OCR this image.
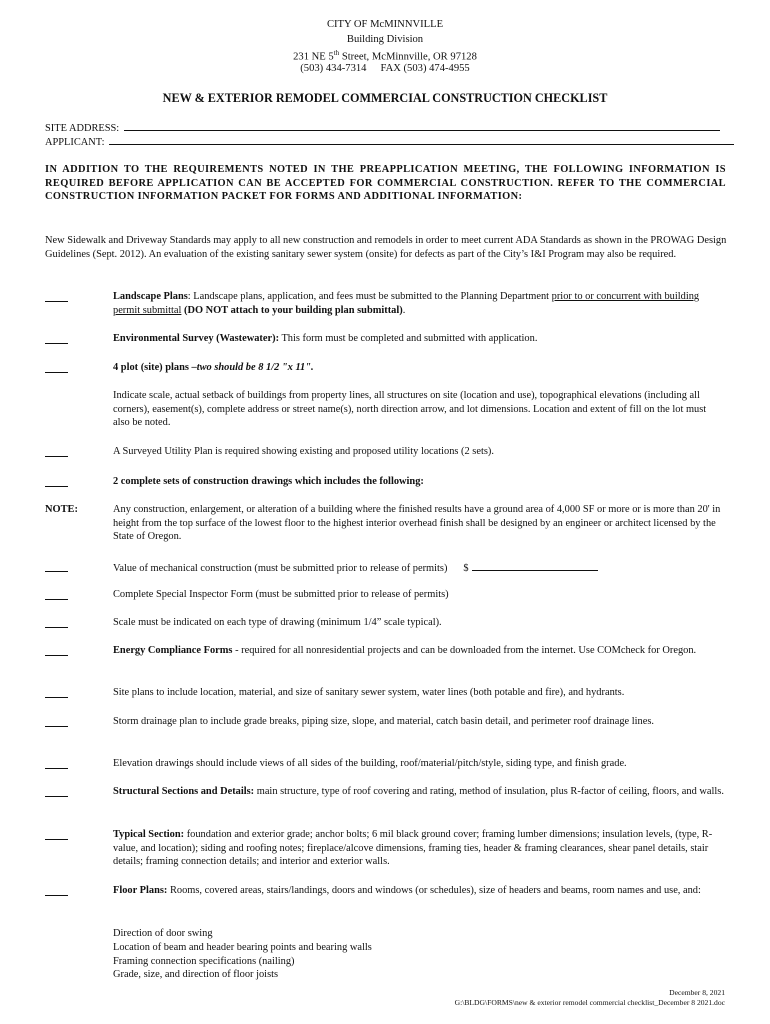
CITY OF McMINNVILLE
Building Division
231 NE 5th Street, McMinnville, OR 97128
(503) 434-7314 FAX (503) 474-4955
NEW & EXTERIOR REMODEL COMMERCIAL CONSTRUCTION CHECKLIST
SITE ADDRESS:
APPLICANT:
IN ADDITION TO THE REQUIREMENTS NOTED IN THE PREAPPLICATION MEETING, THE FOLLOWING INFORMATION IS REQUIRED BEFORE APPLICATION CAN BE ACCEPTED FOR COMMERCIAL CONSTRUCTION. REFER TO THE COMMERCIAL CONSTRUCTION INFORMATION PACKET FOR FORMS AND ADDITIONAL INFORMATION:
New Sidewalk and Driveway Standards may apply to all new construction and remodels in order to meet current ADA Standards as shown in the PROWAG Design Guidelines (Sept. 2012). An evaluation of the existing sanitary sewer system (onsite) for defects as part of the City’s I&I Program may also be required.
Landscape Plans: Landscape plans, application, and fees must be submitted to the Planning Department prior to or concurrent with building permit submittal (DO NOT attach to your building plan submittal).
Environmental Survey (Wastewater): This form must be completed and submitted with application.
4 plot (site) plans –two should be 8 1/2 "x 11".
Indicate scale, actual setback of buildings from property lines, all structures on site (location and use), topographical elevations (including all corners), easement(s), complete address or street name(s), north direction arrow, and lot dimensions. Location and extent of fill on the lot must also be noted.
A Surveyed Utility Plan is required showing existing and proposed utility locations (2 sets).
2 complete sets of construction drawings which includes the following:
NOTE:	Any construction, enlargement, or alteration of a building where the finished results have a ground area of 4,000 SF or more or is more than 20' in height from the top surface of the lowest floor to the highest interior overhead finish shall be designed by an engineer or architect licensed by the State of Oregon.
Value of mechanical construction (must be submitted prior to release of permits) $
Complete Special Inspector Form (must be submitted prior to release of permits)
Scale must be indicated on each type of drawing (minimum 1/4” scale typical).
Energy Compliance Forms - required for all nonresidential projects and can be downloaded from the internet. Use COMcheck for Oregon.
Site plans to include location, material, and size of sanitary sewer system, water lines (both potable and fire), and hydrants.
Storm drainage plan to include grade breaks, piping size, slope, and material, catch basin detail, and perimeter roof drainage lines.
Elevation drawings should include views of all sides of the building, roof/material/pitch/style, siding type, and finish grade.
Structural Sections and Details: main structure, type of roof covering and rating, method of insulation, plus R-factor of ceiling, floors, and walls.
Typical Section: foundation and exterior grade; anchor bolts; 6 mil black ground cover; framing lumber dimensions; insulation levels, (type, R-value, and location); siding and roofing notes; fireplace/alcove dimensions, framing ties, header & framing clearances, shear panel details, stair details; framing connection details; and interior and exterior walls.
Floor Plans: Rooms, covered areas, stairs/landings, doors and windows (or schedules), size of headers and beams, room names and use, and:
Direction of door swing
Location of beam and header bearing points and bearing walls
Framing connection specifications (nailing)
Grade, size, and direction of floor joists
December 8, 2021
G:\BLDG\FORMS\new & exterior remodel commercial checklist_December 8 2021.doc
